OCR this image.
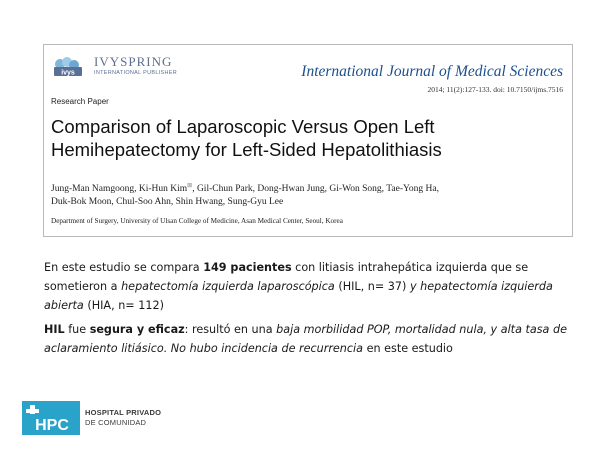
ivys
IVYSPRING
INTERNATIONAL PUBLISHER	International Journal of Medical Sciences
2014; 11(2):127-133. doi: 10.7150/ijms.7516
Research Paper
Comparison of Laparoscopic Versus Open Left Hemihepatectomy for Left-Sided Hepatolithiasis
Jung-Man Namgoong, Ki-Hun Kim⊠, Gil-Chun Park, Dong-Hwan Jung, Gi-Won Song, Tae-Yong Ha,
Duk-Bok Moon, Chul-Soo Ahn, Shin Hwang, Sung-Gyu Lee
Department of Surgery, University of Ulsan College of Medicine, Asan Medical Center, Seoul, Korea

En este estudio se compara 149 pacientes con litiasis intrahepática izquierda que se sometieron a hepatectomía izquierda laparoscópica (HIL, n= 37) y hepatectomía izquierda abierta (HIA, n= 112)

HIL fue segura y eficaz: resultó en una baja morbilidad POP, mortalidad nula, y alta tasa de aclaramiento litiásico. No hubo incidencia de recurrencia en este estudio

HPC
HOSPITAL PRIVADO
DE COMUNIDAD
